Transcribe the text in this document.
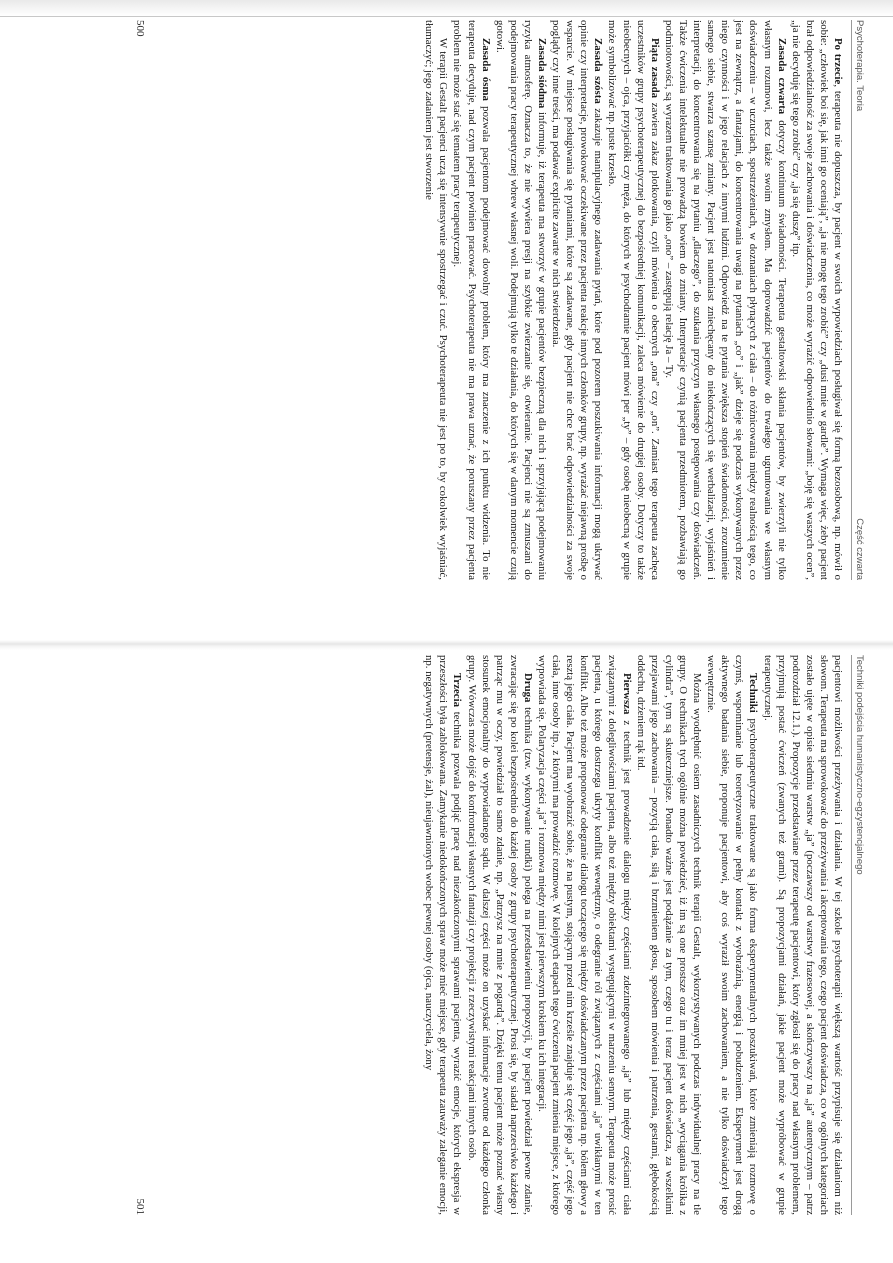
Psychoterapia. Teoria
Część czwarta

Po trzecie, terapeuta nie dopuszcza, by pacjent w swoich wypowiedziach posługiwał się formą bezosobową, np. mówił o sobie: „człowiek boi się, jak inni go oceniają”, „ja nie mogę tego zrobić” czy „dusi mnie w gardle”. Wymaga więc, żeby pacjent brał odpowiedzialność za swoje zachowania i doświadczenia, co może wyrazić odpowiednio słowami: „boję się waszych ocen”, „ja nie decyduję się tego zrobić” czy „ja się duszę” itp.

Zasada czwarta dotyczy kontinuum świadomości. Terapeuta gestaltowski skłania pacjentów, by zwierzyli nie tylko własnym rozumowi, lecz także swoim zmysłom. Ma doprowadzić pacjentów do trwałego ugruntowania we własnym doświadczeniu – w uczuciach, spostrzeżeniach, w doznaniach płynących z ciała – do różnicowania między realnością tego, co jest na zewnątrz, a fantazjami, do koncentrowania uwagi na pytaniach „co” i „jak” dzieje się podczas wykonywanych przez niego czynności i w jego relacjach z innymi ludźmi. Odpowiedź na te pytania zwiększa stopień świadomości, zrozumienie samego siebie, stwarza szansę zmiany. Pacjent jest natomiast zniechęcany do niekończących się werbalizacji, wyjaśnień i interpretacji, do koncentrowania się na pytaniu „dlaczego”, do szukania przyczyn własnego postępowania czy doświadczeń. Także ćwiczenia intelektualne nie prowadzą bowiem do zmiany. Interpretacje czynią pacjenta przedmiotem, pozbawiają go podmiotowości, są wyrazem traktowania go jako „ono” – zastępują relację Ja – Ty.

Piąta zasada zawiera zakaz plotkowania, czyli mówienia o obecnych „ona” czy „on”. Zamiast tego terapeuta zachęca uczestników grupy psychoterapeutycznej do bezpośredniej komunikacji, zaleca mówienie do drugiej osoby. Dotyczy to także nieobecnych – ojca, przyjaciółki czy męża, do których w psychodramie pacjent mówi per „ty” – gdy osobę nieobecną w grupie może symbolizować np. puste krzesło.

Zasada szósta zakazuje manipulacyjnego zadawania pytań, które pod pozorem poszukiwania informacji mogą ukrywać opinie czy interpretacje, prowokować oczekiwane przez pacjenta reakcje innych członków grupy, np. wyrażać niejawną prośbę o wsparcie. W miejsce posługiwania się pytaniami, które są zadawane, gdy pacjent nie chce brać odpowiedzialności za swoje poglądy czy inne treści, ma podawać explicite zawarte w nich stwierdzenia.

Zasada siódma informuje, iż terapeuta ma stworzyć w grupie pacjentów bezpieczną dla nich i sprzyjającą podejmowaniu ryzyka atmosferę. Oznacza to, że nie wywiera presji na szybkie zwierzanie się, otwieranie. Pacjenci nie są zmuszani do podejmowania pracy terapeutycznej wbrew własnej woli. Podejmują tylko te działania, do których się w danym momencie czują gotowi.

Zasada ósma pozwala pacjentom podejmować dowolny problem, który ma znaczenie z ich punktu widzenia. To nie terapeuta decyduje, nad czym pacjent powinien pracować. Psychoterapeuta nie ma prawa uznać, że poruszany przez pacjenta problem nie może stać się tematem pracy terapeutycznej.

W terapii Gestalt pacjenci uczą się intensywnie spostrzegać i czuć. Psychoterapeuta nie jest po to, by cokolwiek wyjaśniać, tłumaczyć; jego zadaniem jest stworzenie

500
Techniki podejścia humanistyczno-egzystencjalnego

pacjentowi możliwości przeżywania i działania. W tej szkole psychoterapii większą wartość przypisuje się działaniom niż słowom. Terapeuta ma sprowokować do przeżywania i akceptowania tego, czego pacjent doświadcza, co w ogólnych kategoriach zostało ujęte w opisie siedmiu warstw „ja” (poczawszy od warstwy frazesowej, a skończywszy na „ja” autentycznym – patrz podrozdział 12.1.). Propozycje przedstawiane przez terapeutę pacjentowi, który zgłosił się do pracy nad własnym problemem, przyjmują postać ćwiczeń (zwanych też grami). Są propozycjami działań, jakie pacjent może wypróbować w grupie terapeutycznej.

Techniki psychoterapeutyczne traktowane są jako forma eksperymentalnych poszukiwań, które zmieniają rozmowę o czymś, wspominanie lub teoretyzowanie w pełny kontakt z wyobraźnią, energią i pobudzeniem. Eksperyment jest drogą aktywnego badania siebie, proponuje pacjentowi, aby coś wyraził swoim zachowaniem, a nie tylko doświadczył tego wewnętrznie.

Można wyodrębnić osiem zasadniczych technik terapii Gestalt, wykorzystywanych podczas indywidualnej pracy na tle grupy. O technikach tych ogólnie można powiedzieć, iż im są one prostsze oraz im mniej jest w nich „wyciągania królika z cylindra”, tym są skuteczniejsze. Ponadto ważne jest podążanie za tym, czego tu i teraz pacjent doświadcza, za wszelkimi przejawami jego zachowania – pozycją ciała, siłą i brzmieniem głosu, sposobem mówienia i patrzenia, gestami, głębokością oddechu, drżeniem rąk itd.

Pierwsza z technik jest prowadzenie dialogu między częściami zdezintegrowanego „ja” lub między częściami ciała związanymi z dolegliwościami pacjenta, albo też między obiektami występującymi w marzeniu sennym. Terapeuta może prosić pacjenta, u którego dostrzega ukryty konflikt wewnętrzny, o odegranie ról związanych z częściami „ja” uwikłanymi w ten konflikt. Albo też może proponować odegranie dialogu toczącego się między doświadczanym przez pacjenta np. bólem głowy a resztą jego ciała. Pacjent ma wyobrazić sobie, że na pustym, stojącym przed nim krześle znajduje się część jego „ja”, część jego ciała, inne osoby itp., z którymi ma prowadzić rozmowę. W kolejnych etapach tego ćwiczenia pacjent zmienia miejsce, z którego wypowiada się. Polaryzacja części „ja” i rozmowa między nimi jest pierwszym krokiem ku ich integracji.

Druga technika (tzw. wykonywanie rundki) polega na przedstawieniu propozycji, by pacjent powiedział pewne zdanie, zwracając się po kolei bezpośrednio do każdej osoby z grupy psychoterapeutycznej. Prosi się, by siadał naprzeciwko każdego i patrząc mu w oczy, powiedział to samo zdanie, np. „Patrzysz na mnie z pogardą”. Dzięki temu pacjent może poznać własny stosunek emocjonalny do wypowiadanego sądu. W dalszej części może on uzyskać informacje zwrotne od każdego członka grupy. Wówczas może dojść do konfrontacji własnych fantazji czy projekcji z rzeczywistymi reakcjami innych osób.

Trzecia technika pozwala podjąć pracę nad niezakończonymi sprawami pacjenta, wyrazić emocje, których ekspresja w przeszłości była zablokowana. Zamykanie niedokończonych spraw może mieć miejsce, gdy terapeuta zauważy zaleganie emocji, np. negatywnych (pretensje, żal), nieujawnionych wobec pewnej osoby (ojca, nauczyciela, żony

501
